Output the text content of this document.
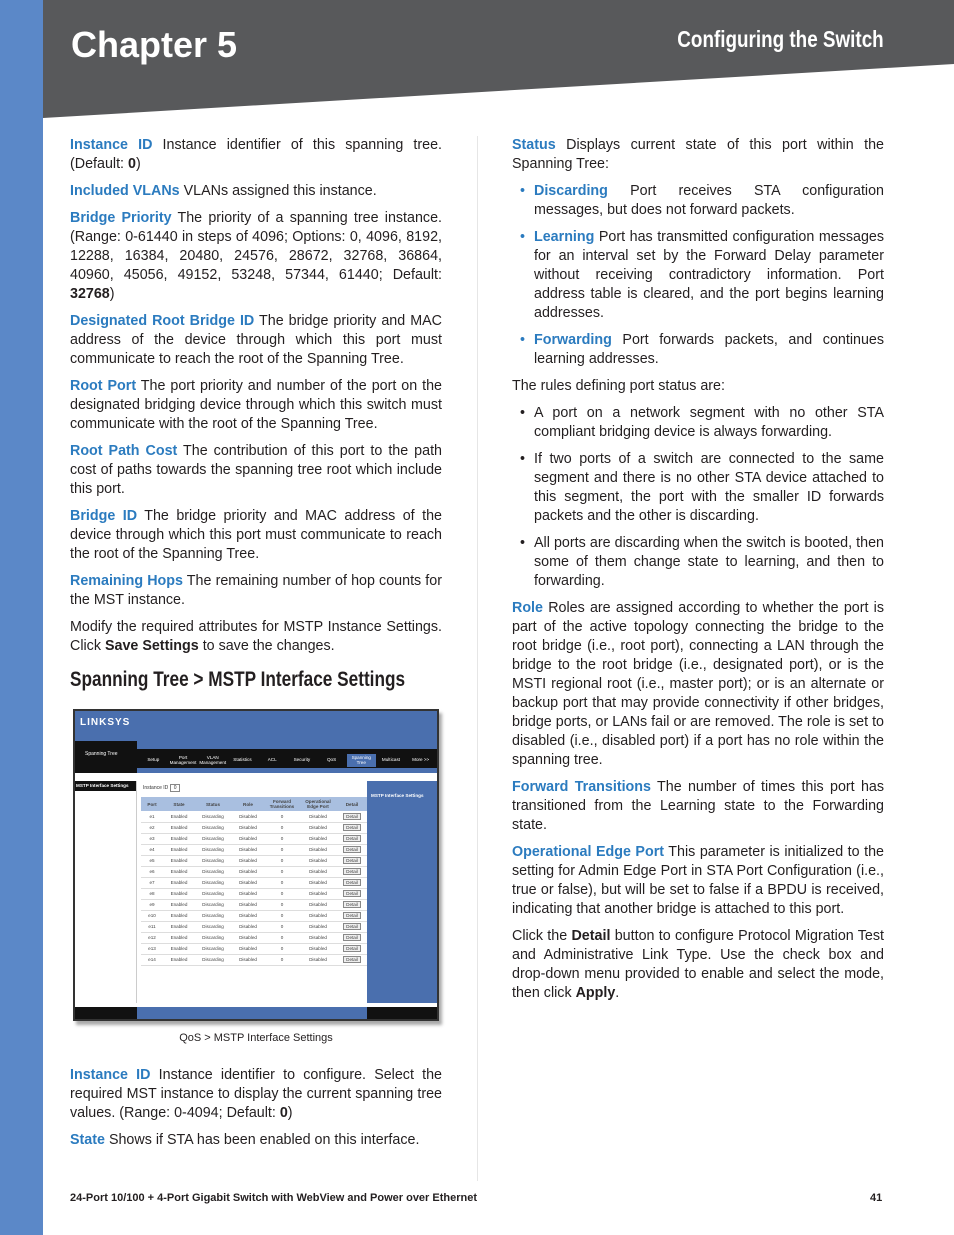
Chapter 5	Configuring the Switch
Instance ID Instance identifier of this spanning tree. (Default: 0)
Included VLANs VLANs assigned this instance.
Bridge Priority The priority of a spanning tree instance. (Range: 0-61440 in steps of 4096; Options: 0, 4096, 8192, 12288, 16384, 20480, 24576, 28672, 32768, 36864, 40960, 45056, 49152, 53248, 57344, 61440; Default: 32768)
Designated Root Bridge ID The bridge priority and MAC address of the device through which this port must communicate to reach the root of the Spanning Tree.
Root Port The port priority and number of the port on the designated bridging device through which this switch must communicate with the root of the Spanning Tree.
Root Path Cost The contribution of this port to the path cost of paths towards the spanning tree root which include this port.
Bridge ID The bridge priority and MAC address of the device through which this port must communicate to reach the root of the Spanning Tree.
Remaining Hops The remaining number of hop counts for the MST instance.
Modify the required attributes for MSTP Instance Settings. Click Save Settings to save the changes.
Spanning Tree > MSTP Interface Settings
LINKSYS
Spanning Tree
Setup
Port Management
VLAN Management
Statistics	ACL	Security	QoS
Spanning Tree
Multicast	More >>
MSTP Interface Settings
MSTP Interface Settings
Instance ID 0
Port	State	Status	Role	Forward Transitions	Operational Edge Port	Detail
e1	Enabled	Discarding	Disabled	0	Disabled	Detail
e2	Enabled	Discarding	Disabled	0	Disabled	Detail
e3	Enabled	Discarding	Disabled	0	Disabled	Detail
e4	Enabled	Discarding	Disabled	0	Disabled	Detail
e5	Enabled	Discarding	Disabled	0	Disabled	Detail
e6	Enabled	Discarding	Disabled	0	Disabled	Detail
e7	Enabled	Discarding	Disabled	0	Disabled	Detail
e8	Enabled	Discarding	Disabled	0	Disabled	Detail
e9	Enabled	Discarding	Disabled	0	Disabled	Detail
e10	Enabled	Discarding	Disabled	0	Disabled	Detail
e11	Enabled	Discarding	Disabled	0	Disabled	Detail
e12	Enabled	Discarding	Disabled	0	Disabled	Detail
e13	Enabled	Discarding	Disabled	0	Disabled	Detail
e14	Enabled	Discarding	Disabled	0	Disabled	Detail
QoS > MSTP Interface Settings
Instance ID Instance identifier to configure. Select the required MST instance to display the current spanning tree values. (Range: 0-4094; Default: 0)
State Shows if STA has been enabled on this interface.
Status Displays current state of this port within the Spanning Tree:
• Discarding Port receives STA configuration messages, but does not forward packets.
• Learning Port has transmitted configuration messages for an interval set by the Forward Delay parameter without receiving contradictory information. Port address table is cleared, and the port begins learning addresses.
• Forwarding Port forwards packets, and continues learning addresses.
The rules defining port status are:
• A port on a network segment with no other STA compliant bridging device is always forwarding.
• If two ports of a switch are connected to the same segment and there is no other STA device attached to this segment, the port with the smaller ID forwards packets and the other is discarding.
• All ports are discarding when the switch is booted, then some of them change state to learning, and then to forwarding.
Role Roles are assigned according to whether the port is part of the active topology connecting the bridge to the root bridge (i.e., root port), connecting a LAN through the bridge to the root bridge (i.e., designated port), or is the MSTI regional root (i.e., master port); or is an alternate or backup port that may provide connectivity if other bridges, bridge ports, or LANs fail or are removed. The role is set to disabled (i.e., disabled port) if a port has no role within the spanning tree.
Forward Transitions The number of times this port has transitioned from the Learning state to the Forwarding state.
Operational Edge Port This parameter is initialized to the setting for Admin Edge Port in STA Port Configuration (i.e., true or false), but will be set to false if a BPDU is received, indicating that another bridge is attached to this port.
Click the Detail button to configure Protocol Migration Test and Administrative Link Type. Use the check box and drop-down menu provided to enable and select the mode, then click Apply.
24-Port 10/100 + 4-Port Gigabit Switch with WebView and Power over Ethernet	41
